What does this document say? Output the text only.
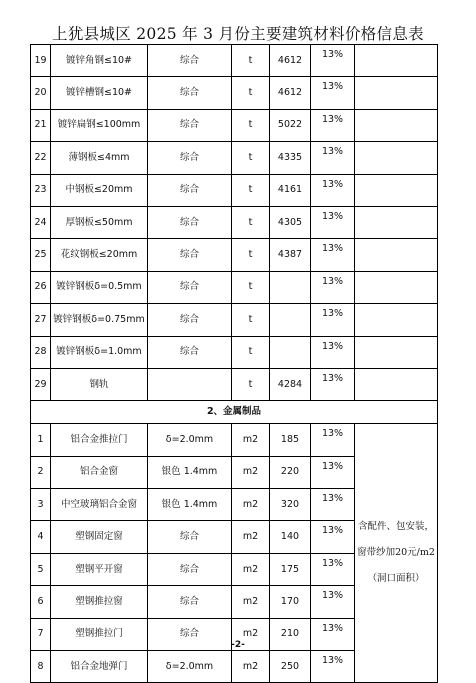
上犹县城区 2025 年 3 月份主要建筑材料价格信息表
19	镀锌角钢≤10#	综合	t	4612	13%	
20	镀锌槽钢≤10#	综合	t	4612	13%	
21	镀锌扁钢≤100mm	综合	t	5022	13%	
22	薄钢板≤4mm	综合	t	4335	13%	
23	中钢板≤20mm	综合	t	4161	13%	
24	厚钢板≤50mm	综合	t	4305	13%	
25	花纹钢板≤20mm	综合	t	4387	13%	
26	镀锌钢板δ=0.5mm	综合	t		13%	
27	镀锌钢板δ=0.75mm	综合	t		13%	
28	镀锌钢板δ=1.0mm	综合	t		13%	
29	钢轨		t	4284	13%	
2、金属制品						
1	铝合金推拉门	δ=2.0mm	m2	185	13%	含配件、包安装，窗带纱加20元/m2（洞口面积）
2	铝合金窗	银色 1.4mm	m2	220	13%	
3	中空玻璃铝合金窗	银色 1.4mm	m2	320	13%	
4	塑钢固定窗	综合	m2	140	13%	
5	塑钢平开窗	综合	m2	175	13%	
6	塑钢推拉窗	综合	m2	170	13%	
7	塑钢推拉门	综合	m2	210	13%	
8	铝合金地弹门	δ=2.0mm	m2	250	13%	
-2-
